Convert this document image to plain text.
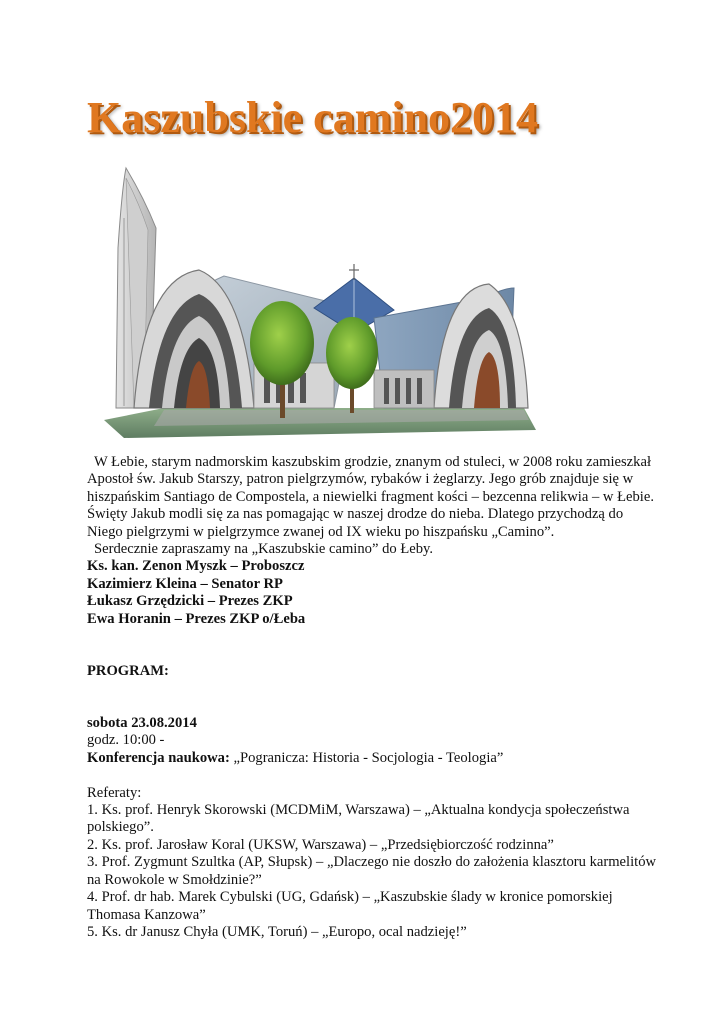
Kaszubskie camino2014

W Łebie, starym nadmorskim kaszubskim grodzie, znanym od stuleci, w 2008 roku zamieszkał Apostoł św. Jakub Starszy, patron pielgrzymów, rybaków i żeglarzy. Jego grób znajduje się w hiszpańskim Santiago de Compostela, a niewielki fragment kości – bezcenna relikwia – w Łebie. Święty Jakub modli się za nas pomagając w naszej drodze do nieba. Dlatego przychodzą do Niego pielgrzymi w pielgrzymce zwanej od IX wieku po hiszpańsku „Camino”.

Serdecznie zapraszamy na „Kaszubskie camino” do Łeby.

Ks. kan. Zenon Myszk – Proboszcz

Kazimierz Kleina – Senator RP

Łukasz Grzędzicki – Prezes ZKP

Ewa Horanin – Prezes ZKP o/Łeba

PROGRAM:

sobota 23.08.2014

godz. 10:00 -

Konferencja naukowa: „Pogranicza: Historia - Socjologia - Teologia”

Referaty:

1. Ks. prof. Henryk Skorowski (MCDMiM, Warszawa) – „Aktualna kondycja społeczeństwa polskiego”.

2. Ks. prof. Jarosław Koral (UKSW, Warszawa) – „Przedsiębiorczość rodzinna”

3. Prof. Zygmunt Szultka (AP, Słupsk) – „Dlaczego nie doszło do założenia klasztoru karmelitów na Rowokole w Smołdzinie?”

4. Prof. dr hab. Marek Cybulski (UG, Gdańsk) – „Kaszubskie ślady w kronice pomorskiej Thomasa Kanzowa”

5. Ks. dr Janusz Chyła (UMK, Toruń) – „Europo, ocal nadzieję!”
